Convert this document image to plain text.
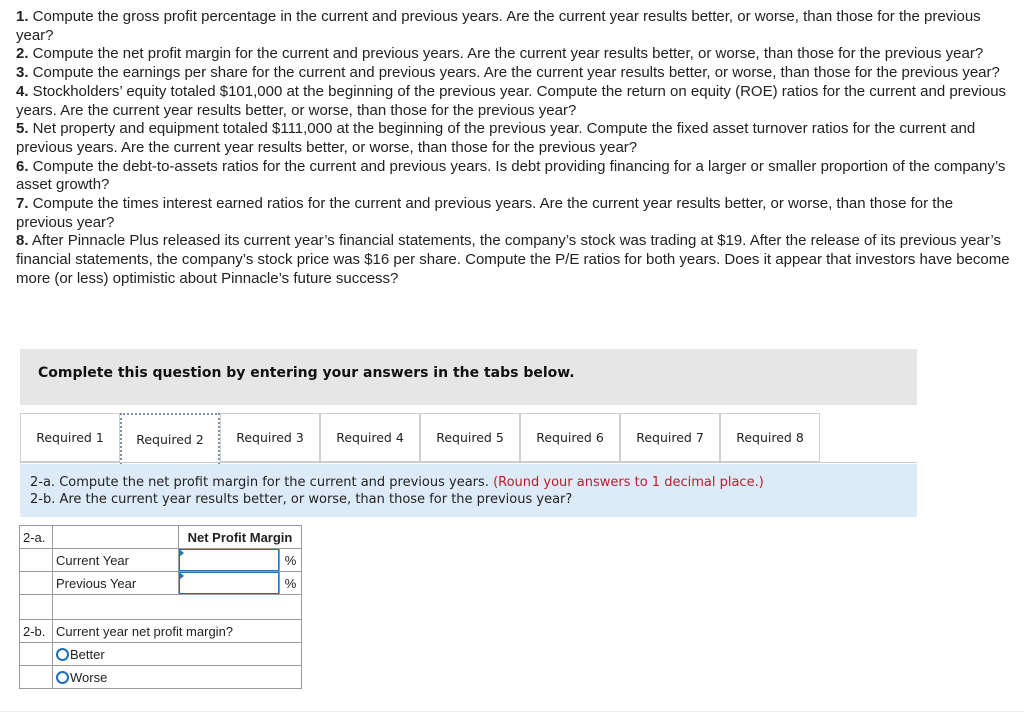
1. Compute the gross profit percentage in the current and previous years. Are the current year results better, or worse, than those for the previous year?

2. Compute the net profit margin for the current and previous years. Are the current year results better, or worse, than those for the previous year?

3. Compute the earnings per share for the current and previous years. Are the current year results better, or worse, than those for the previous year?

4. Stockholders’ equity totaled $101,000 at the beginning of the previous year. Compute the return on equity (ROE) ratios for the current and previous years. Are the current year results better, or worse, than those for the previous year?

5. Net property and equipment totaled $111,000 at the beginning of the previous year. Compute the fixed asset turnover ratios for the current and previous years. Are the current year results better, or worse, than those for the previous year?

6. Compute the debt-to-assets ratios for the current and previous years. Is debt providing financing for a larger or smaller proportion of the company’s asset growth?

7. Compute the times interest earned ratios for the current and previous years. Are the current year results better, or worse, than those for the previous year?

8. After Pinnacle Plus released its current year’s financial statements, the company’s stock was trading at $19. After the release of its previous year’s financial statements, the company’s stock price was $16 per share. Compute the P/E ratios for both years. Does it appear that investors have become more (or less) optimistic about Pinnacle’s future success?

Complete this question by entering your answers in the tabs below.
Required 1	Required 2	Required 3	Required 4	Required 5	Required 6	Required 7	Required 8
2-a. Compute the net profit margin for the current and previous years. (Round your answers to 1 decimal place.)
2-b. Are the current year results better, or worse, than those for the previous year?
2-a.		Net Profit Margin	
	Current Year		%
	Previous Year		%

2-b.	Current year net profit margin?		

	Better		

	Worse		
